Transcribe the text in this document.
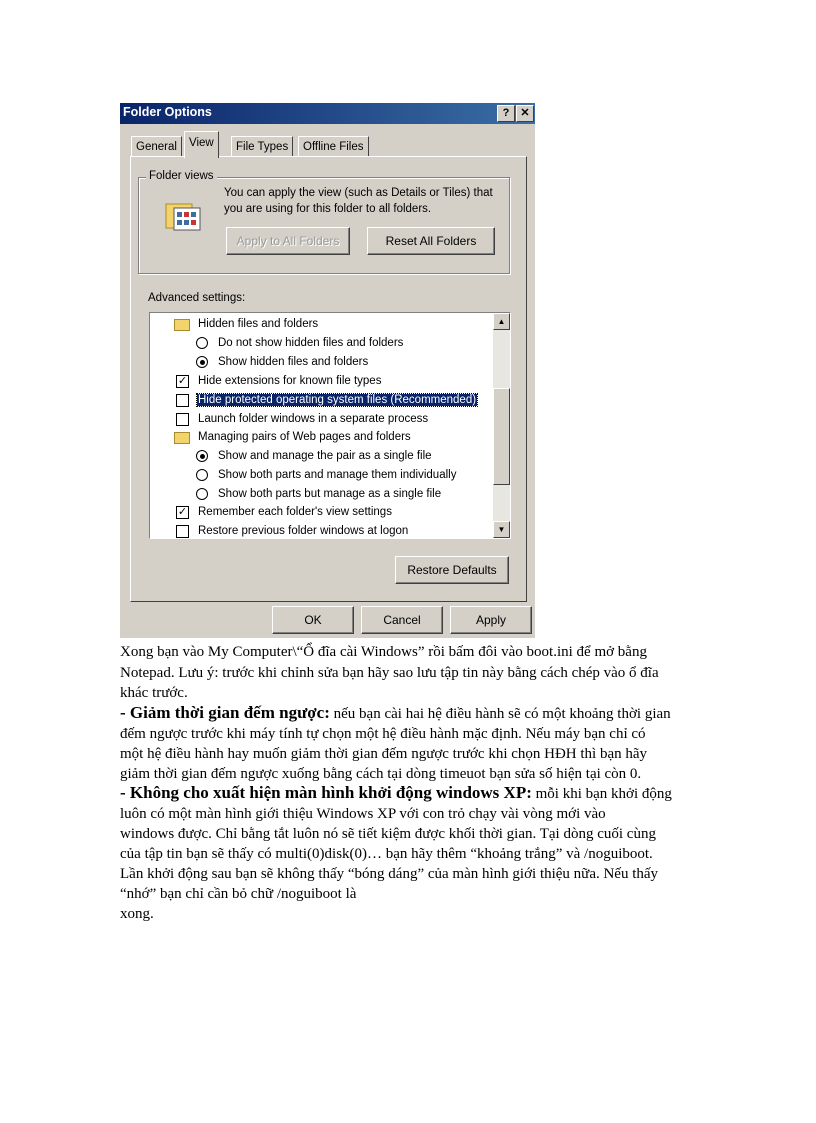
Folder Options	?	✕
General	View	File Types	Offline Files
Folder views
You can apply the view (such as Details or Tiles) that
you are using for this folder to all folders.
Apply to All Folders	Reset All Folders
Advanced settings:
Hidden files and folders
Do not show hidden files and folders
Show hidden files and folders
✓ Hide extensions for known file types
Hide protected operating system files (Recommended)
Launch folder windows in a separate process
Managing pairs of Web pages and folders
Show and manage the pair as a single file
Show both parts and manage them individually
Show both parts but manage as a single file
✓ Remember each folder's view settings
Restore previous folder windows at logon
▲
▼
Restore Defaults
OK	Cancel	Apply
Xong bạn vào My Computer\“Ổ đĩa cài Windows” rồi bấm đôi vào boot.ini để mở bằng
Notepad. Lưu ý: trước khi chỉnh sửa bạn hãy sao lưu tập tin này bằng cách chép vào ổ đĩa
khác trước.
- Giảm thời gian đếm ngược: nếu bạn cài hai hệ điều hành sẽ có một khoảng thời gian
đếm ngược trước khi máy tính tự chọn một hệ điều hành mặc định. Nếu máy bạn chỉ có
một hệ điều hành hay muốn giảm thời gian đếm ngược trước khi chọn HĐH thì bạn hãy
giảm thời gian đếm ngược xuống bằng cách tại dòng timeuot bạn sửa số hiện tại còn 0.
- Không cho xuất hiện màn hình khởi động windows XP: mỗi khi bạn khởi động
luôn có một màn hình giới thiệu Windows XP với con trỏ chạy vài vòng mới vào
windows được. Chỉ bằng tắt luôn nó sẽ tiết kiệm được khối thời gian. Tại dòng cuối cùng
của tập tin bạn sẽ thấy có multi(0)disk(0)… bạn hãy thêm “khoảng trắng” và /noguiboot.
Lần khởi động sau bạn sẽ không thấy “bóng dáng” của màn hình giới thiệu nữa. Nếu thấy
“nhớ” bạn chỉ cần bỏ chữ /noguiboot là
xong.
